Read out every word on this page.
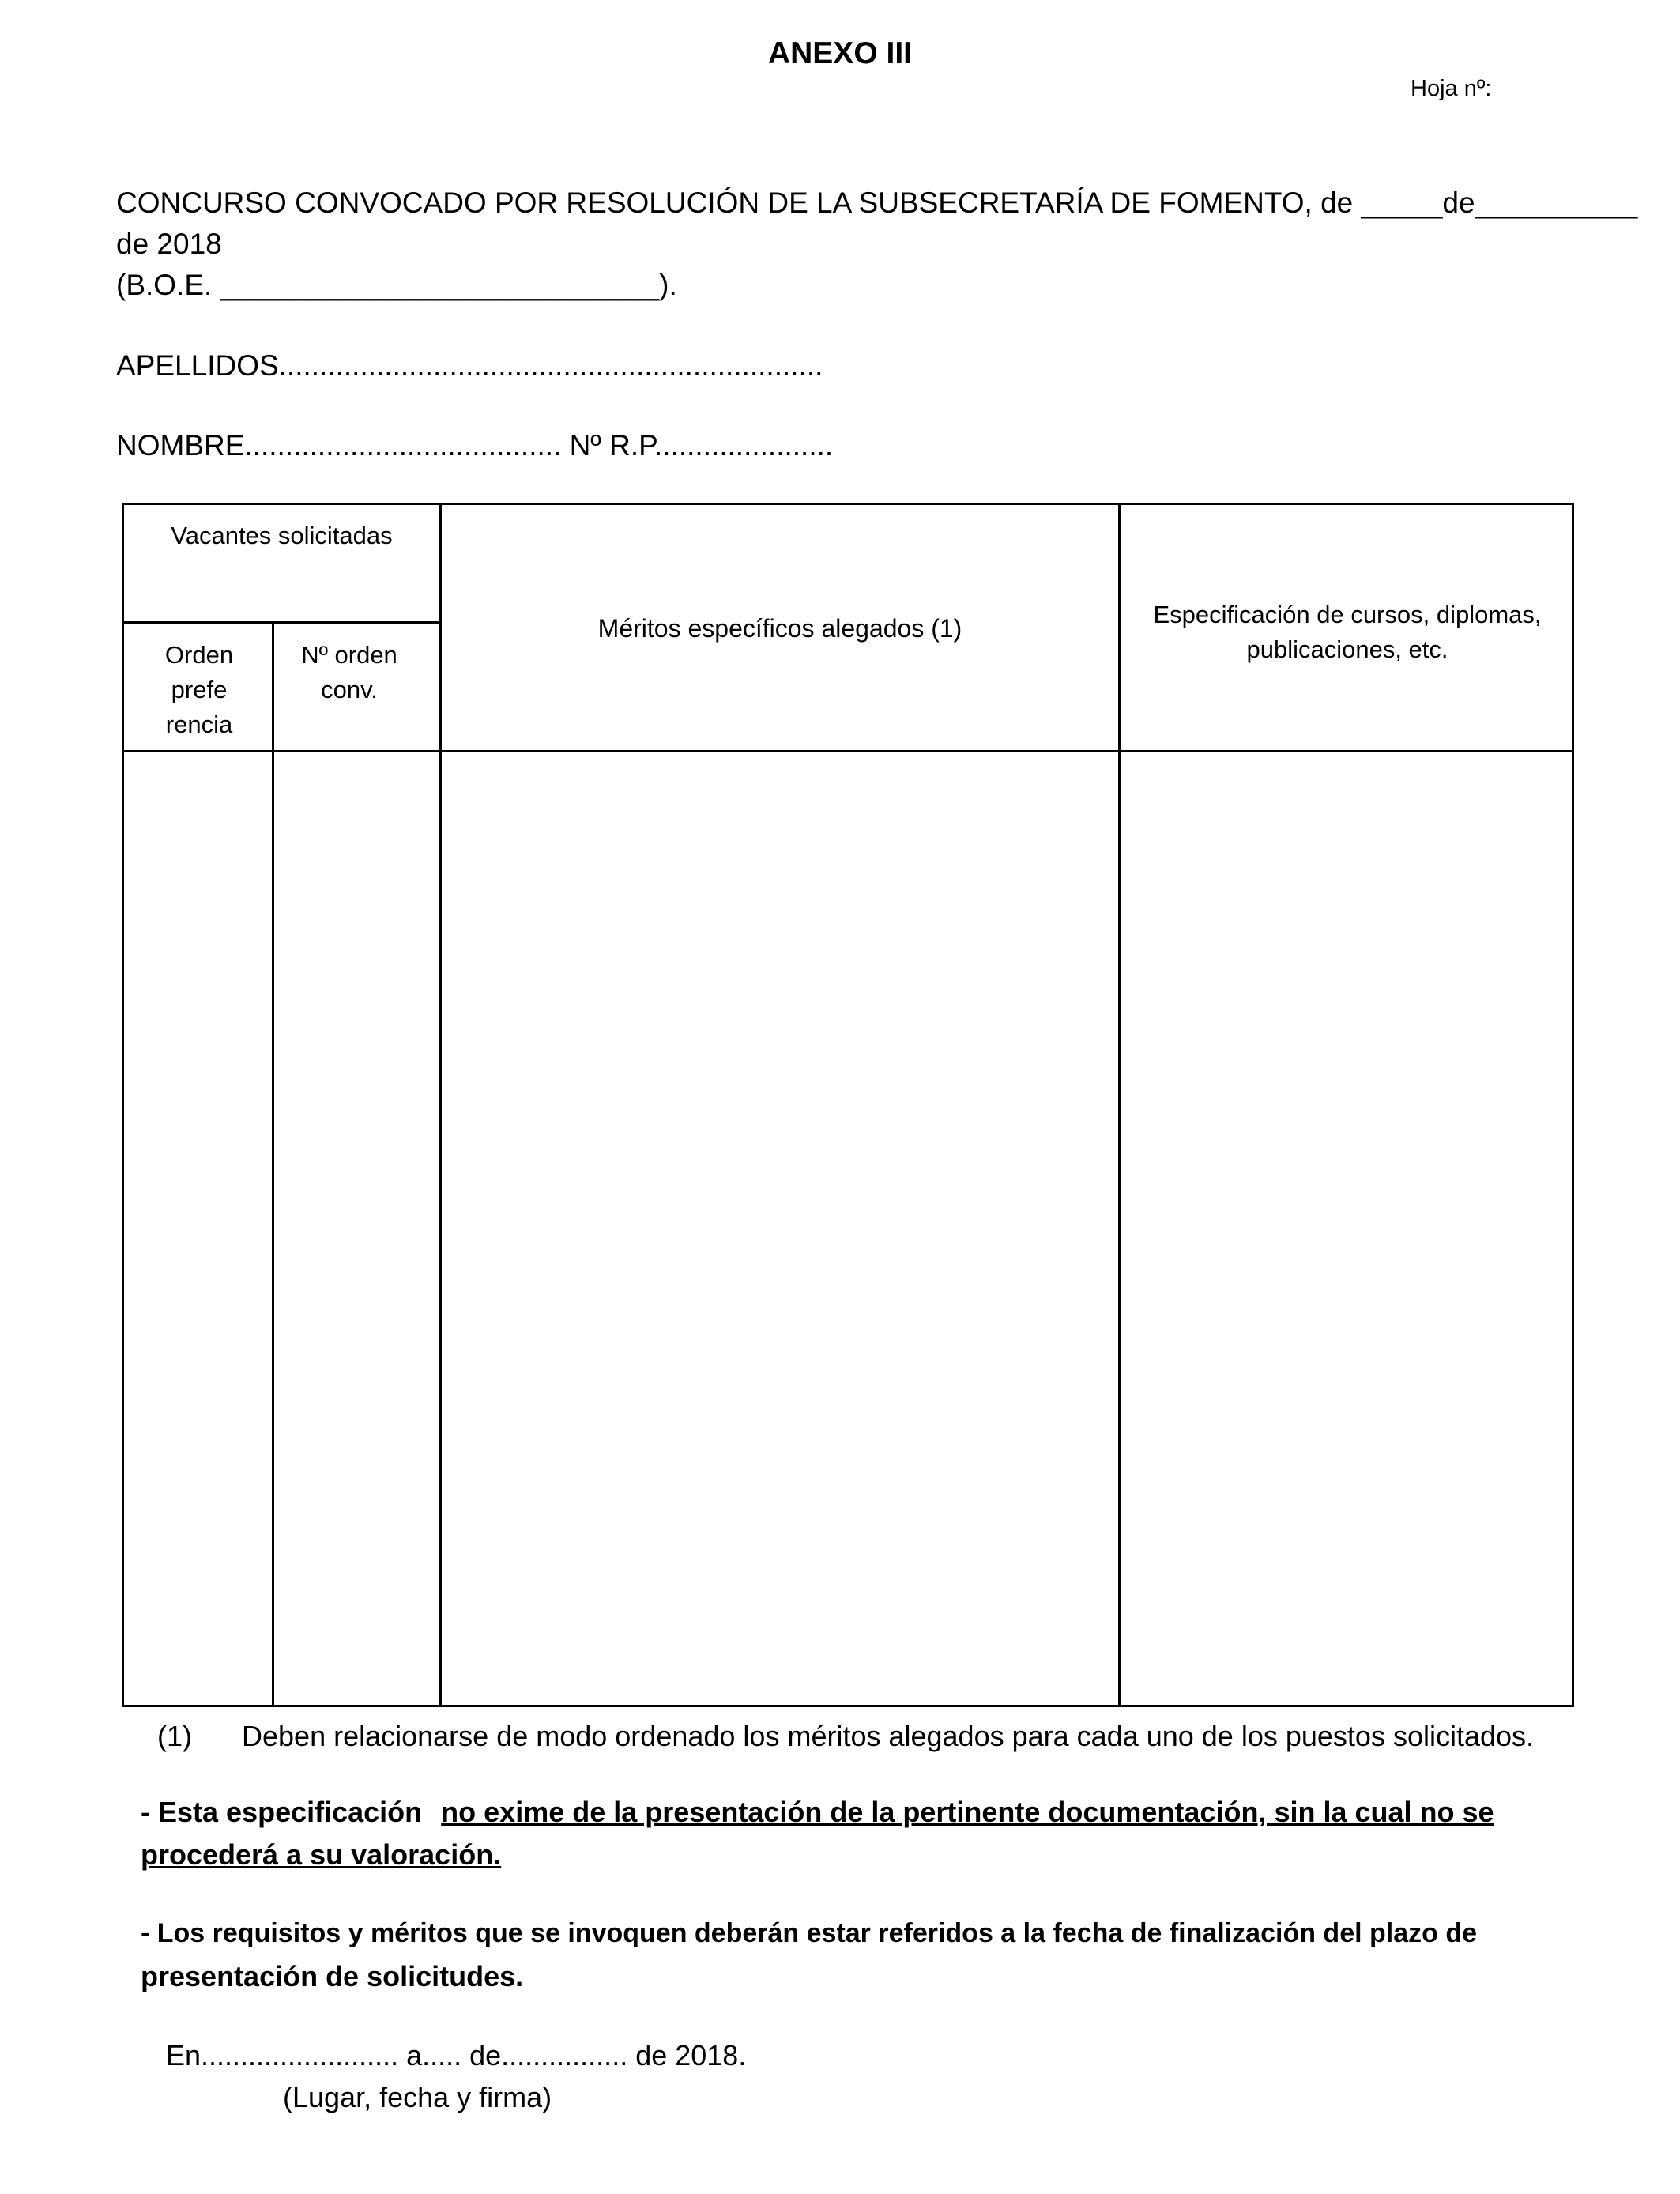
ANEXO III
Hoja nº:
CONCURSO CONVOCADO POR RESOLUCIÓN DE LA SUBSECRETARÍA DE FOMENTO, de _____de__________
de 2018
(B.O.E. ___________________________).
APELLIDOS...................................................................
NOMBRE....................................... Nº R.P......................
Vacantes solicitadas
Orden prefe rencia
Nº orden conv.
Méritos específicos alegados (1)	Especificación de cursos, diplomas, publicaciones, etc.
(1) Deben relacionarse de modo ordenado los méritos alegados para cada uno de los puestos solicitados.
- Esta especificación no exime de la presentación de la pertinente documentación, sin la cual no se
procederá a su valoración.
- Los requisitos y méritos que se invoquen deberán estar referidos a la fecha de finalización del plazo de
presentación de solicitudes.
En......................... a..... de................ de 2018.
(Lugar, fecha y firma)
